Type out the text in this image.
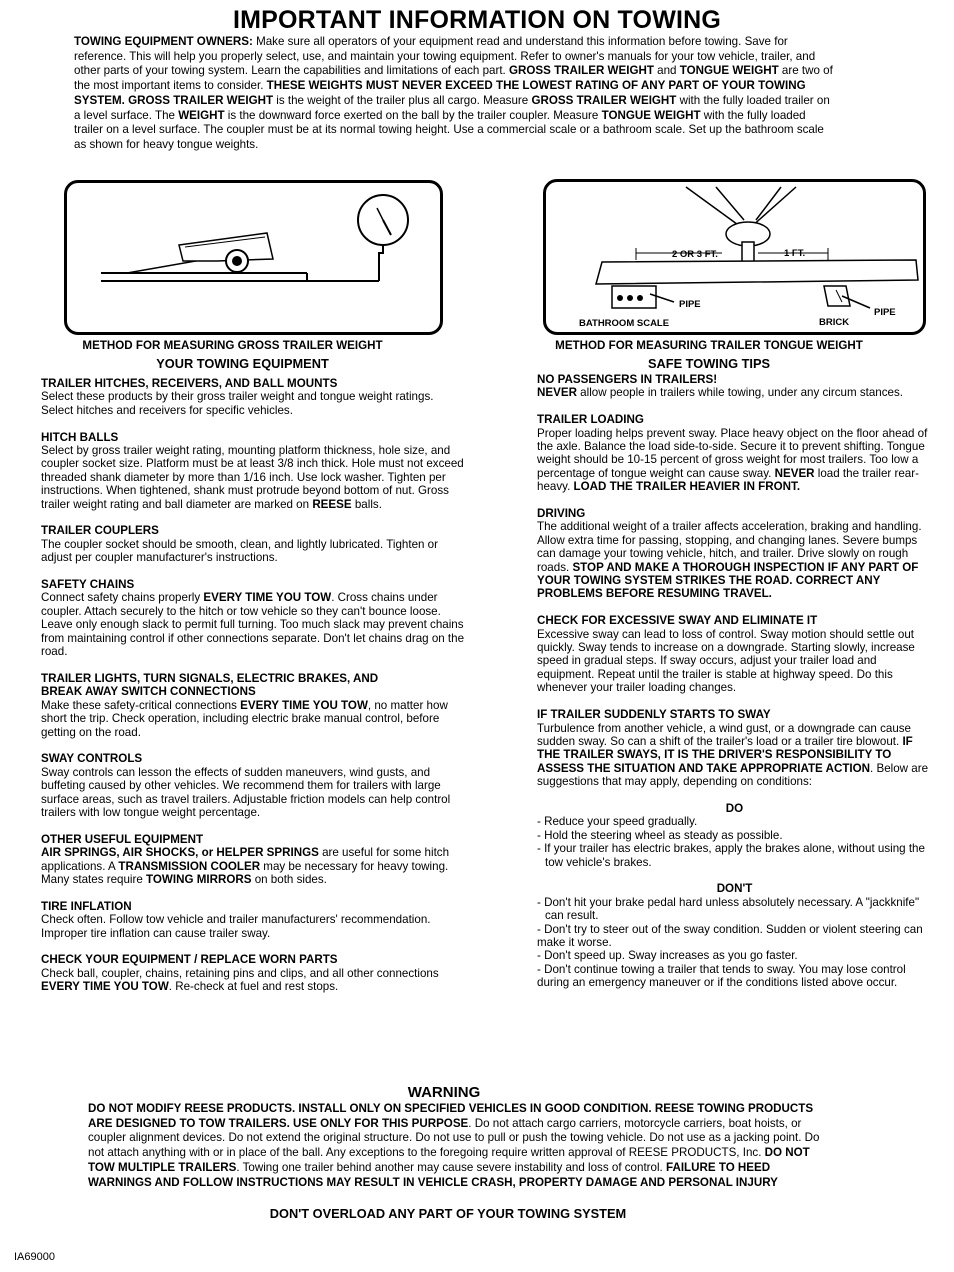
IMPORTANT INFORMATION ON TOWING
TOWING EQUIPMENT OWNERS: Make sure all operators of your equipment read and understand this information before towing. Save for reference. This will help you properly select, use, and maintain your towing equipment. Refer to owner's manuals for your tow vehicle, trailer, and other parts of your towing system. Learn the capabilities and limitations of each part. GROSS TRAILER WEIGHT and TONGUE WEIGHT are two of the most important items to consider. THESE WEIGHTS MUST NEVER EXCEED THE LOWEST RATING OF ANY PART OF YOUR TOWING SYSTEM. GROSS TRAILER WEIGHT is the weight of the trailer plus all cargo. Measure GROSS TRAILER WEIGHT with the fully loaded trailer on a level surface. The WEIGHT is the downward force exerted on the ball by the trailer coupler. Measure TONGUE WEIGHT with the fully loaded trailer on a level surface. The coupler must be at its normal towing height. Use a commercial scale or a bathroom scale. Set up the bathroom scale as shown for heavy tongue weights.
2 OR 3 FT.	1 FT.
PIPE
BATHROOM SCALE
PIPE
BRICK
METHOD FOR MEASURING GROSS TRAILER WEIGHT
YOUR TOWING EQUIPMENT
METHOD FOR MEASURING TRAILER TONGUE WEIGHT
SAFE TOWING TIPS
TRAILER HITCHES, RECEIVERS, AND BALL MOUNTS
Select these products by their gross trailer weight and tongue weight ratings. Select hitches and receivers for specific vehicles.
HITCH BALLS
Select by gross trailer weight rating, mounting platform thickness, hole size, and coupler socket size. Platform must be at least 3/8 inch thick. Hole must not exceed threaded shank diameter by more than 1/16 inch. Use lock washer. Tighten per instructions. When tightened, shank must protrude beyond bottom of nut. Gross trailer weight rating and ball diameter are marked on REESE balls.
TRAILER COUPLERS
The coupler socket should be smooth, clean, and lightly lubricated. Tighten or adjust per coupler manufacturer's instructions.
SAFETY CHAINS
Connect safety chains properly EVERY TIME YOU TOW. Cross chains under coupler. Attach securely to the hitch or tow vehicle so they can't bounce loose. Leave only enough slack to permit full turning. Too much slack may prevent chains from maintaining control if other connections separate. Don't let chains drag on the road.
TRAILER LIGHTS, TURN SIGNALS, ELECTRIC BRAKES, AND BREAK AWAY SWITCH CONNECTIONS
Make these safety-critical connections EVERY TIME YOU TOW, no matter how short the trip. Check operation, including electric brake manual control, before getting on the road.
SWAY CONTROLS
Sway controls can lesson the effects of sudden maneuvers, wind gusts, and buffeting caused by other vehicles. We recommend them for trailers with large surface areas, such as travel trailers. Adjustable friction models can help control trailers with low tongue weight percentage.
OTHER USEFUL EQUIPMENT
AIR SPRINGS, AIR SHOCKS, or HELPER SPRINGS are useful for some hitch applications. A TRANSMISSION COOLER may be necessary for heavy towing. Many states require TOWING MIRRORS on both sides.
TIRE INFLATION
Check often. Follow tow vehicle and trailer manufacturers' recommendation. Improper tire inflation can cause trailer sway.
CHECK YOUR EQUIPMENT / REPLACE WORN PARTS
Check ball, coupler, chains, retaining pins and clips, and all other connections EVERY TIME YOU TOW. Re-check at fuel and rest stops.
NO PASSENGERS IN TRAILERS!
NEVER allow people in trailers while towing, under any circum stances.
TRAILER LOADING
Proper loading helps prevent sway. Place heavy object on the floor ahead of the axle. Balance the load side-to-side. Secure it to prevent shifting. Tongue weight should be 10-15 percent of gross weight for most trailers. Too low a percentage of tongue weight can cause sway. NEVER load the trailer rear-heavy. LOAD THE TRAILER HEAVIER IN FRONT.
DRIVING
The additional weight of a trailer affects acceleration, braking and handling. Allow extra time for passing, stopping, and changing lanes. Severe bumps can damage your towing vehicle, hitch, and trailer. Drive slowly on rough roads. STOP AND MAKE A THOROUGH INSPECTION IF ANY PART OF YOUR TOWING SYSTEM STRIKES THE ROAD. CORRECT ANY PROBLEMS BEFORE RESUMING TRAVEL.
CHECK FOR EXCESSIVE SWAY AND ELIMINATE IT
Excessive sway can lead to loss of control. Sway motion should settle out quickly. Sway tends to increase on a downgrade. Starting slowly, increase speed in gradual steps. If sway occurs, adjust your trailer load and equipment. Repeat until the trailer is stable at highway speed. Do this whenever your trailer loading changes.
IF TRAILER SUDDENLY STARTS TO SWAY
Turbulence from another vehicle, a wind gust, or a downgrade can cause sudden sway. So can a shift of the trailer's load or a trailer tire blowout. IF THE TRAILER SWAYS, IT IS THE DRIVER'S RESPONSIBILITY TO ASSESS THE SITUATION AND TAKE APPROPRIATE ACTION. Below are suggestions that may apply, depending on conditions:
DO
- Reduce your speed gradually.
- Hold the steering wheel as steady as possible.
- If your trailer has electric brakes, apply the brakes alone, without using the tow vehicle's brakes.
DON'T
- Don't hit your brake pedal hard unless absolutely necessary. A "jackknife" can result.
- Don't try to steer out of the sway condition. Sudden or violent steering can make it worse.
- Don't speed up. Sway increases as you go faster.
- Don't continue towing a trailer that tends to sway. You may lose control during an emergency maneuver or if the conditions listed above occur.
WARNING
DO NOT MODIFY REESE PRODUCTS. INSTALL ONLY ON SPECIFIED VEHICLES IN GOOD CONDITION. REESE TOWING PRODUCTS ARE DESIGNED TO TOW TRAILERS. USE ONLY FOR THIS PURPOSE. Do not attach cargo carriers, motorcycle carriers, boat hoists, or coupler alignment devices. Do not extend the original structure. Do not use to pull or push the towing vehicle. Do not use as a jacking point. Do not attach anything with or in place of the ball. Any exceptions to the foregoing require written approval of REESE PRODUCTS, Inc. DO NOT TOW MULTIPLE TRAILERS. Towing one trailer behind another may cause severe instability and loss of control. FAILURE TO HEED WARNINGS AND FOLLOW INSTRUCTIONS MAY RESULT IN VEHICLE CRASH, PROPERTY DAMAGE AND PERSONAL INJURY
DON'T OVERLOAD ANY PART OF YOUR TOWING SYSTEM
IA69000
